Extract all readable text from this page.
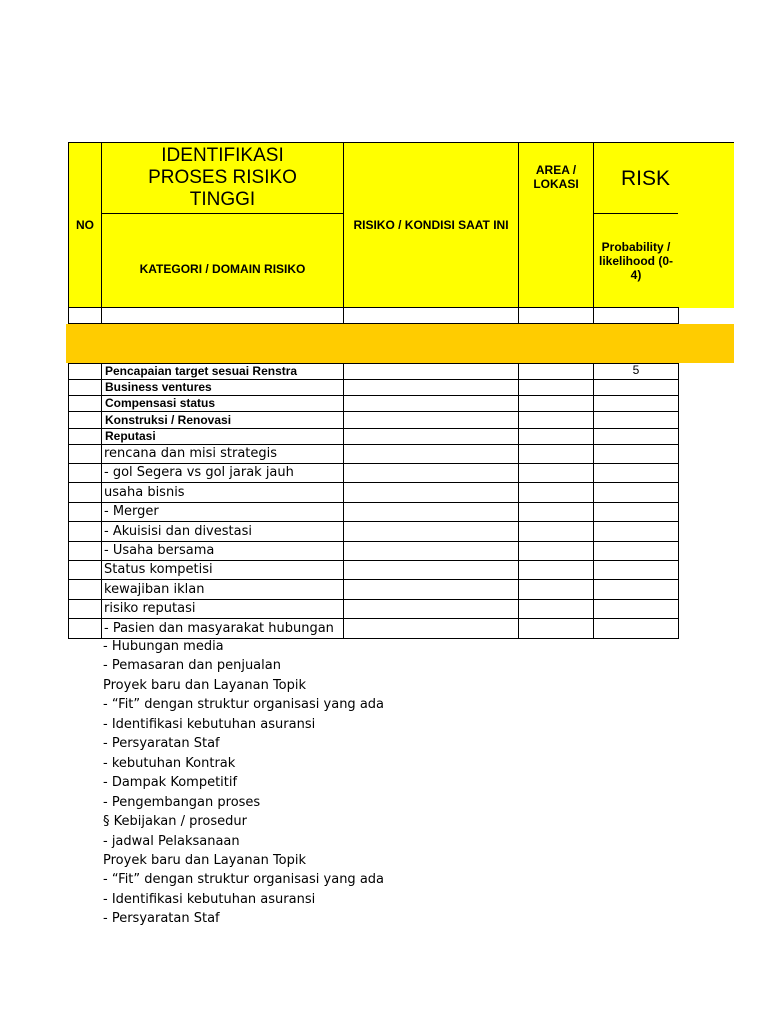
NO
IDENTIFIKASI PROSES RISIKO TINGGI
KATEGORI / DOMAIN RISIKO
RISIKO / KONDISI SAAT INI
AREA / LOKASI	RISK
Probability / likelihood (0-4)
Pencapaian target sesuai Renstra	5
Business ventures
Compensasi status
Konstruksi / Renovasi
Reputasi
rencana dan misi strategis
- gol Segera vs gol jarak jauh
usaha bisnis
- Merger
- Akuisisi dan divestasi
- Usaha bersama
Status kompetisi
kewajiban iklan
risiko reputasi
- Pasien dan masyarakat hubungan
- Hubungan media
- Pemasaran dan penjualan
Proyek baru dan Layanan Topik
- “Fit” dengan struktur organisasi yang ada
- Identifikasi kebutuhan asuransi
- Persyaratan Staf
- kebutuhan Kontrak
- Dampak Kompetitif
- Pengembangan proses
§ Kebijakan / prosedur
- jadwal Pelaksanaan
Proyek baru dan Layanan Topik
- “Fit” dengan struktur organisasi yang ada
- Identifikasi kebutuhan asuransi
- Persyaratan Staf
